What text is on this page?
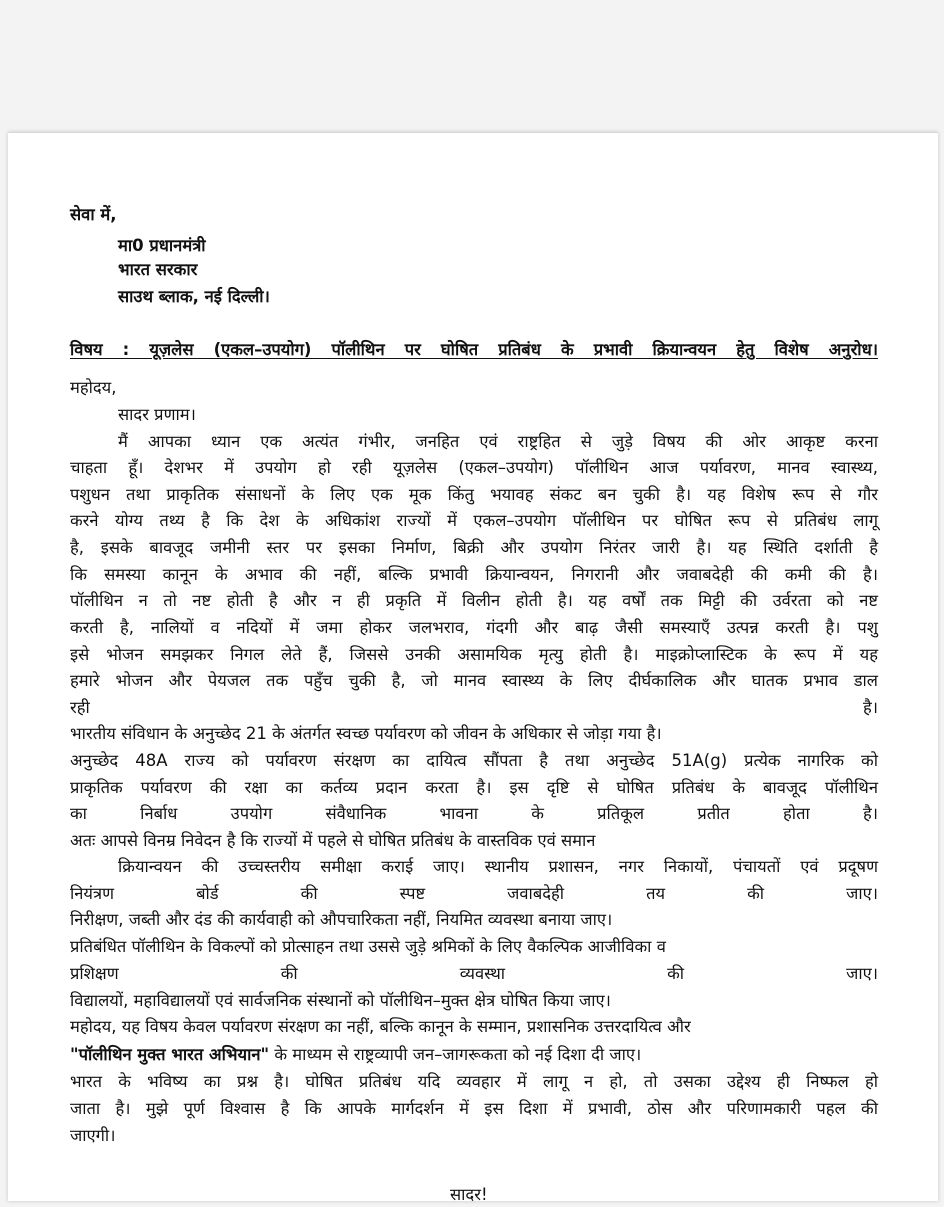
सेवा में,
मा0 प्रधानमंत्री
भारत सरकार
साउथ ब्लाक, नई दिल्ली।
विषय : यूज़लेस (एकल–उपयोग) पॉलीथिन पर घोषित प्रतिबंध के प्रभावी क्रियान्वयन हेतु विशेष अनुरोध।
महोदय,
सादर प्रणाम।
मैं आपका ध्यान एक अत्यंत गंभीर, जनहित एवं राष्ट्रहित से जुड़े विषय की ओर आकृष्ट करना
चाहता हूँ। देशभर में उपयोग हो रही यूज़लेस (एकल–उपयोग) पॉलीथिन आज पर्यावरण, मानव स्वास्थ्य,
पशुधन तथा प्राकृतिक संसाधनों के लिए एक मूक किंतु भयावह संकट बन चुकी है। यह विशेष रूप से गौर
करने योग्य तथ्य है कि देश के अधिकांश राज्यों में एकल–उपयोग पॉलीथिन पर घोषित रूप से प्रतिबंध लागू
है, इसके बावजूद जमीनी स्तर पर इसका निर्माण, बिक्री और उपयोग निरंतर जारी है। यह स्थिति दर्शाती है
कि समस्या कानून के अभाव की नहीं, बल्कि प्रभावी क्रियान्वयन, निगरानी और जवाबदेही की कमी की है।
पॉलीथिन न तो नष्ट होती है और न ही प्रकृति में विलीन होती है। यह वर्षों तक मिट्टी की उर्वरता को नष्ट
करती है, नालियों व नदियों में जमा होकर जलभराव, गंदगी और बाढ़ जैसी समस्याएँ उत्पन्न करती है। पशु
इसे भोजन समझकर निगल लेते हैं, जिससे उनकी असामयिक मृत्यु होती है। माइक्रोप्लास्टिक के रूप में यह
हमारे भोजन और पेयजल तक पहुँच चुकी है, जो मानव स्वास्थ्य के लिए दीर्घकालिक और घातक प्रभाव डाल
रही है।
भारतीय संविधान के अनुच्छेद 21 के अंतर्गत स्वच्छ पर्यावरण को जीवन के अधिकार से जोड़ा गया है।
अनुच्छेद 48A राज्य को पर्यावरण संरक्षण का दायित्व सौंपता है तथा अनुच्छेद 51A(g) प्रत्येक नागरिक को
प्राकृतिक पर्यावरण की रक्षा का कर्तव्य प्रदान करता है। इस दृष्टि से घोषित प्रतिबंध के बावजूद पॉलीथिन
का निर्बाध उपयोग संवैधानिक भावना के प्रतिकूल प्रतीत होता है।
अतः आपसे विनम्र निवेदन है कि राज्यों में पहले से घोषित प्रतिबंध के वास्तविक एवं समान
क्रियान्वयन की उच्चस्तरीय समीक्षा कराई जाए। स्थानीय प्रशासन, नगर निकायों, पंचायतों एवं प्रदूषण
नियंत्रण बोर्ड की स्पष्ट जवाबदेही तय की जाए।
निरीक्षण, जब्ती और दंड की कार्यवाही को औपचारिकता नहीं, नियमित व्यवस्था बनाया जाए।
प्रतिबंधित पॉलीथिन के विकल्पों को प्रोत्साहन तथा उससे जुड़े श्रमिकों के लिए वैकल्पिक आजीविका व
प्रशिक्षण की व्यवस्था की जाए।
विद्यालयों, महाविद्यालयों एवं सार्वजनिक संस्थानों को पॉलीथिन–मुक्त क्षेत्र घोषित किया जाए।
महोदय, यह विषय केवल पर्यावरण संरक्षण का नहीं, बल्कि कानून के सम्मान, प्रशासनिक उत्तरदायित्व और
"पॉलीथिन मुक्त भारत अभियान" के माध्यम से राष्ट्रव्यापी जन–जागरूकता को नई दिशा दी जाए।
भारत के भविष्य का प्रश्न है। घोषित प्रतिबंध यदि व्यवहार में लागू न हो, तो उसका उद्देश्य ही निष्फल हो
जाता है। मुझे पूर्ण विश्वास है कि आपके मार्गदर्शन में इस दिशा में प्रभावी, ठोस और परिणामकारी पहल की
जाएगी।
सादर!
